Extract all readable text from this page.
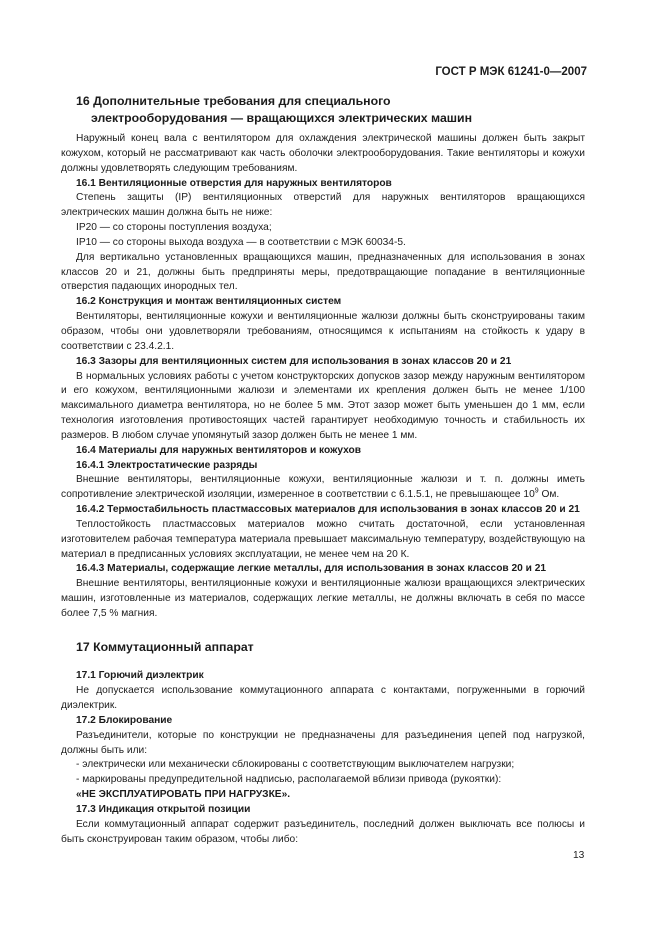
ГОСТ Р МЭК 61241-0—2007
16 Дополнительные требования для специального
электрооборудования — вращающихся электрических машин

Наружный конец вала с вентилятором для охлаждения электрической машины должен быть закрыт кожухом, который не рассматривают как часть оболочки электрооборудования. Такие вентиляторы и кожухи должны удовлетворять следующим требованиям.

16.1 Вентиляционные отверстия для наружных вентиляторов

Степень защиты (IP) вентиляционных отверстий для наружных вентиляторов вращающихся электрических машин должна быть не ниже:

IP20 — со стороны поступления воздуха;

IP10 — со стороны выхода воздуха — в соответствии с МЭК 60034-5.

Для вертикально установленных вращающихся машин, предназначенных для использования в зонах классов 20 и 21, должны быть предприняты меры, предотвращающие попадание в вентиляционные отверстия падающих инородных тел.

16.2 Конструкция и монтаж вентиляционных систем

Вентиляторы, вентиляционные кожухи и вентиляционные жалюзи должны быть сконструированы таким образом, чтобы они удовлетворяли требованиям, относящимся к испытаниям на стойкость к удару в соответствии с 23.4.2.1.

16.3 Зазоры для вентиляционных систем для использования в зонах классов 20 и 21

В нормальных условиях работы с учетом конструкторских допусков зазор между наружным вентилятором и его кожухом, вентиляционными жалюзи и элементами их крепления должен быть не менее 1/100 максимального диаметра вентилятора, но не более 5 мм. Этот зазор может быть уменьшен до 1 мм, если технология изготовления противостоящих частей гарантирует необходимую точность и стабильность их размеров. В любом случае упомянутый зазор должен быть не менее 1 мм.

16.4 Материалы для наружных вентиляторов и кожухов

16.4.1 Электростатические разряды

Внешние вентиляторы, вентиляционные кожухи, вентиляционные жалюзи и т. п. должны иметь сопротивление электрической изоляции, измеренное в соответствии с 6.1.5.1, не превышающее $10^9$ Ом.

16.4.2 Термостабильность пластмассовых материалов для использования в зонах классов 20 и 21

Теплостойкость пластмассовых материалов можно считать достаточной, если установленная изготовителем рабочая температура материала превышает максимальную температуру, воздействующую на материал в предписанных условиях эксплуатации, не менее чем на 20 К.

16.4.3 Материалы, содержащие легкие металлы, для использования в зонах классов 20 и 21

Внешние вентиляторы, вентиляционные кожухи и вентиляционные жалюзи вращающихся электрических машин, изготовленные из материалов, содержащих легкие металлы, не должны включать в себя по массе более 7,5 % магния.

17 Коммутационный аппарат

17.1 Горючий диэлектрик

Не допускается использование коммутационного аппарата с контактами, погруженными в горючий диэлектрик.

17.2 Блокирование

Разъединители, которые по конструкции не предназначены для разъединения цепей под нагрузкой, должны быть или:

- электрически или механически сблокированы с соответствующим выключателем нагрузки;

- маркированы предупредительной надписью, располагаемой вблизи привода (рукоятки):

«НЕ ЭКСПЛУАТИРОВАТЬ ПРИ НАГРУЗКЕ».

17.3 Индикация открытой позиции

Если коммутационный аппарат содержит разъединитель, последний должен выключать все полюсы и быть сконструирован таким образом, чтобы либо:

13
